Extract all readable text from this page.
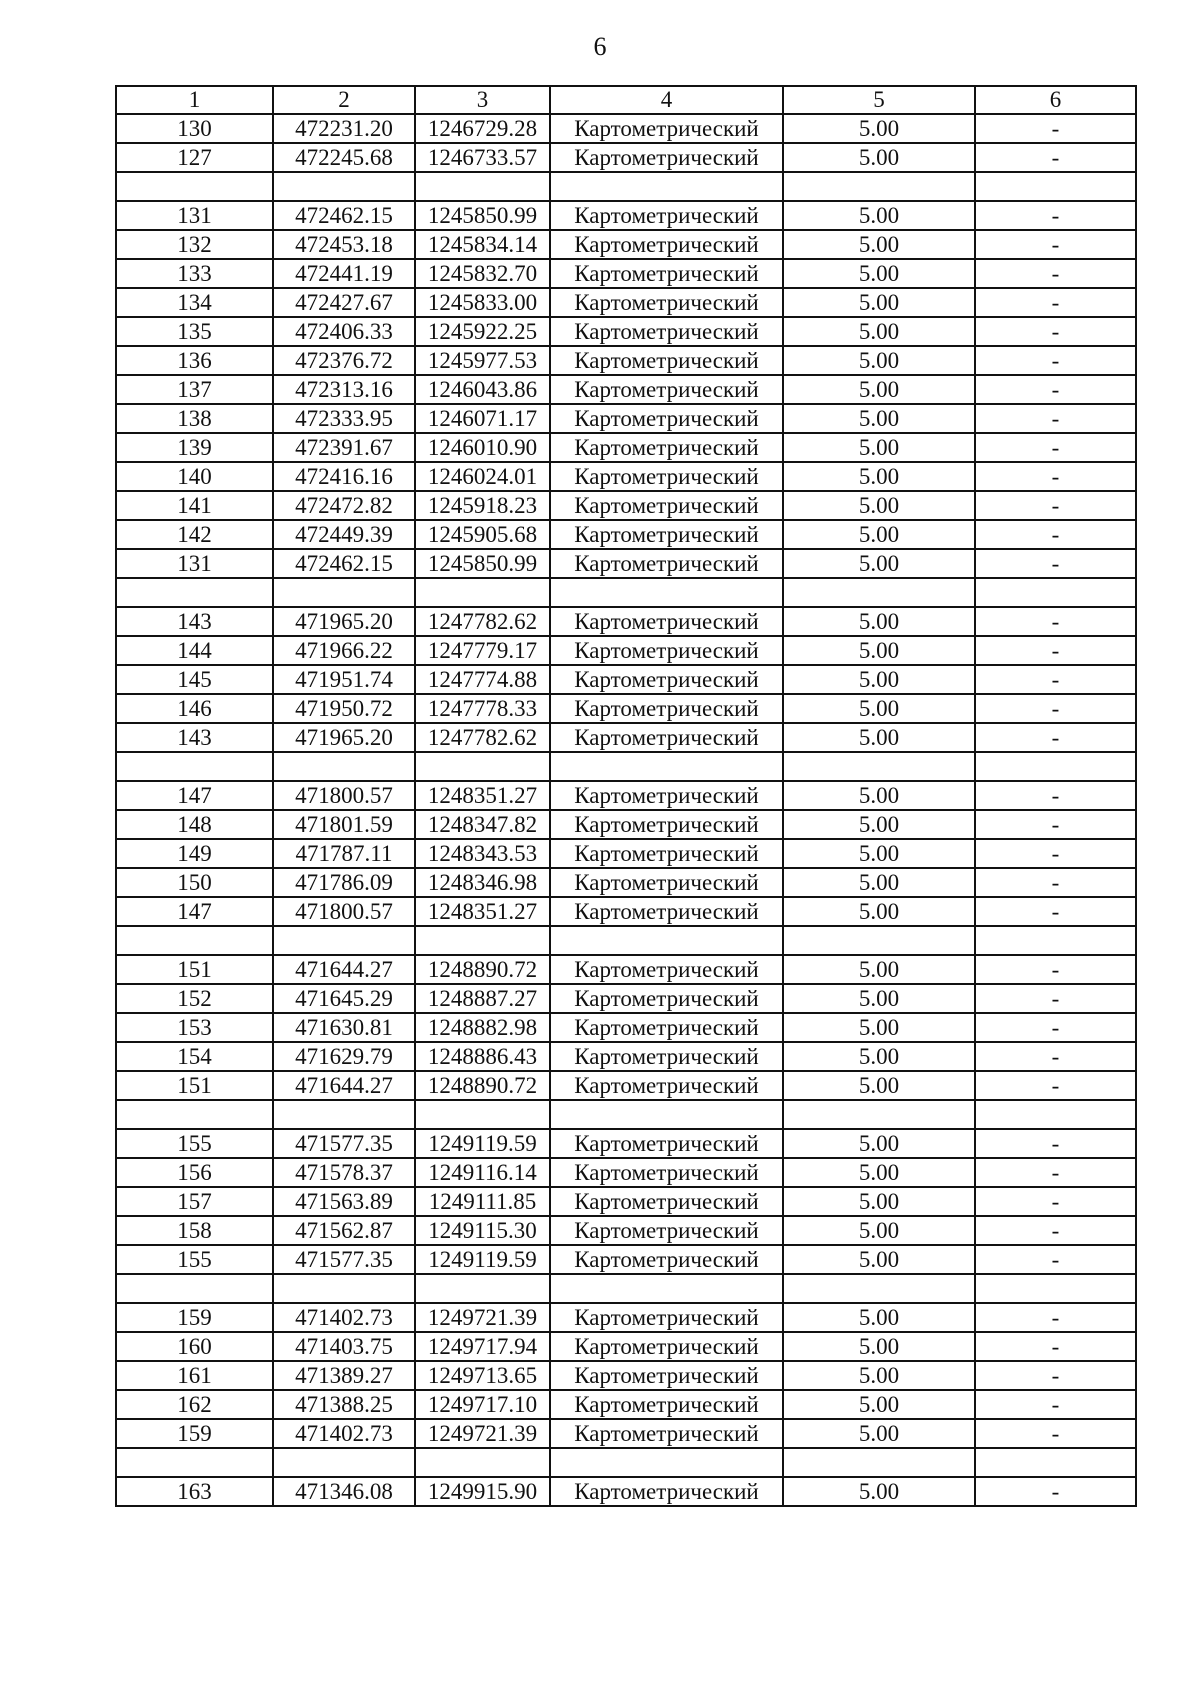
6
1	2	3	4	5	6
130	472231.20	1246729.28	Картометрический	5.00	-
127	472245.68	1246733.57	Картометрический	5.00	-

131	472462.15	1245850.99	Картометрический	5.00	-
132	472453.18	1245834.14	Картометрический	5.00	-
133	472441.19	1245832.70	Картометрический	5.00	-
134	472427.67	1245833.00	Картометрический	5.00	-
135	472406.33	1245922.25	Картометрический	5.00	-
136	472376.72	1245977.53	Картометрический	5.00	-
137	472313.16	1246043.86	Картометрический	5.00	-
138	472333.95	1246071.17	Картометрический	5.00	-
139	472391.67	1246010.90	Картометрический	5.00	-
140	472416.16	1246024.01	Картометрический	5.00	-
141	472472.82	1245918.23	Картометрический	5.00	-
142	472449.39	1245905.68	Картометрический	5.00	-
131	472462.15	1245850.99	Картометрический	5.00	-

143	471965.20	1247782.62	Картометрический	5.00	-
144	471966.22	1247779.17	Картометрический	5.00	-
145	471951.74	1247774.88	Картометрический	5.00	-
146	471950.72	1247778.33	Картометрический	5.00	-
143	471965.20	1247782.62	Картометрический	5.00	-

147	471800.57	1248351.27	Картометрический	5.00	-
148	471801.59	1248347.82	Картометрический	5.00	-
149	471787.11	1248343.53	Картометрический	5.00	-
150	471786.09	1248346.98	Картометрический	5.00	-
147	471800.57	1248351.27	Картометрический	5.00	-

151	471644.27	1248890.72	Картометрический	5.00	-
152	471645.29	1248887.27	Картометрический	5.00	-
153	471630.81	1248882.98	Картометрический	5.00	-
154	471629.79	1248886.43	Картометрический	5.00	-
151	471644.27	1248890.72	Картометрический	5.00	-

155	471577.35	1249119.59	Картометрический	5.00	-
156	471578.37	1249116.14	Картометрический	5.00	-
157	471563.89	1249111.85	Картометрический	5.00	-
158	471562.87	1249115.30	Картометрический	5.00	-
155	471577.35	1249119.59	Картометрический	5.00	-

159	471402.73	1249721.39	Картометрический	5.00	-
160	471403.75	1249717.94	Картометрический	5.00	-
161	471389.27	1249713.65	Картометрический	5.00	-
162	471388.25	1249717.10	Картометрический	5.00	-
159	471402.73	1249721.39	Картометрический	5.00	-

163	471346.08	1249915.90	Картометрический	5.00	-
